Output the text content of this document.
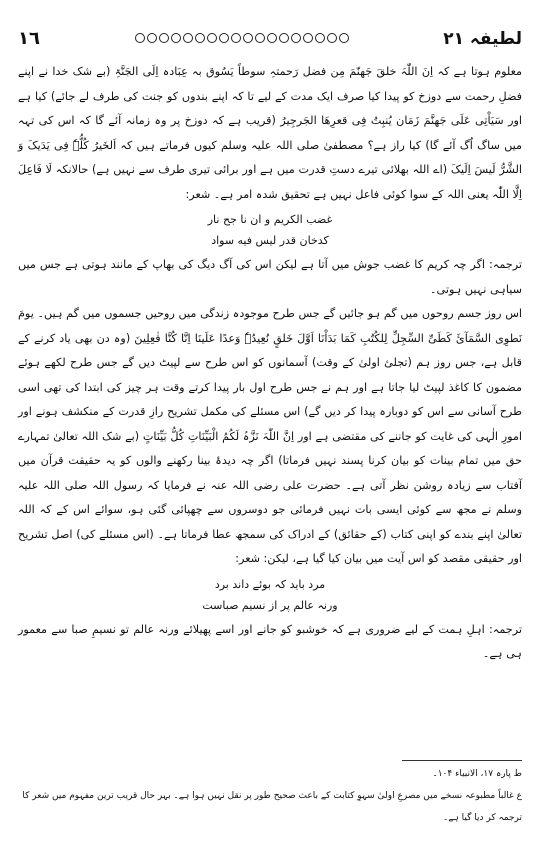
١٦	لطیفہ ۲١

معلوم ہوتا ہے کہ اِنَ اللّٰہَ خلقَ جَھنّمَ مِن فضل رَحمتہِ سوطاً یَسُوق بہ عِبَادہ اِلَی الجَنَّۃِ (بے شک خدا نے اپنے فضلِ رحمت سے دوزخ کو پیدا کیا صرف ایک مدت کے لیے تا کہ اپنے بندوں کو جنت کی طرف لے جائے) کیا ہے اور سَیَاْتِی عَلَی جَھنَّمَ زَمَان یُنبِتُ فِی قعرِھَا الجَرجِیرُ (قریب ہے کہ دوزخ پر وہ زمانہ آئے گا کہ اس کی تہہ میں ساگ اُگ آئے گا) کیا راز ہے؟ مصطفیٰ صلی اللہ علیہ وسلم کیوں فرماتے ہیں کہ اَلخَیرُ کُلُّہٗ فِی یَدَیکَ وَ الشَّرُّ لَیسَ اِلَیکَ (اے اللہ بھلائی تیرے دستِ قدرت میں ہے اور برائی تیری طرف سے نہیں ہے) حالانکہ لَا فَاعِلَ اِلَّا اللّٰہ یعنی اللہ کے سوا کوئی فاعل نہیں ہے تحقیق شدہ امر ہے۔ شعر:

غضب الکریم و ان نا جح نار
کدخان قدر لیس فیه سواد

ترجمہ: اگر چہ کریم کا غضب جوش میں آتا ہے لیکن اس کی آگ دیگ کی بھاپ کے مانند ہوتی ہے جس میں سیاہی نہیں ہوتی۔

اس روز جسم روحوں میں گم ہو جائیں گے جس طرح موجودہ زندگی میں روحیں جسموں میں گم ہیں۔ یومَ نَطوِی السَّمَآئَ کَطَیِّ السِّجِلِّ لِلکُتُبِ کَمَا بَدَاْنَا اَوَّلَ خَلقٍ نُعِیدُہٗ وَعدًا عَلَینَا اِنَّا کُنَّا فٰعِلِینَ (وہ دن بھی یاد کرنے کے قابل ہے، جس روز ہم (تجلیٔ اولیٰ کے وقت) آسمانوں کو اس طرح سے لپیٹ دیں گے جس طرح لکھے ہوئے مضمون کا کاغذ لپیٹ لیا جاتا ہے اور ہم نے جس طرح اول بار پیدا کرتے وقت ہر چیز کی ابتدا کی تھی اسی طرح آسانی سے اس کو دوبارہ پیدا کر دیں گے) اس مسئلے کی مکمل تشریح رازِ قدرت کے منکشف ہونے اور امورِ الٰہی کی غایت کو جاننے کی مقتضی ہے اور اِنَّ اللّٰہَ نَزَّہُ لَکُمُ الْبَیِّنَاتِ کُلُّ بَیِّنَاتٍ (بے شک اللہ تعالیٰ تمہارے حق میں تمام بینات کو بیان کرنا پسند نہیں فرماتا) اگر چہ دیدۂ بینا رکھنے والوں کو یہ حقیقت قرآن میں آفتاب سے زیادہ روشن نظر آتی ہے۔ حضرت علی رضی اللہ عنہ نے فرمایا کہ رسول اللہ صلی اللہ علیہ وسلم نے مجھ سے کوئی ایسی بات نہیں فرمائی جو دوسروں سے چھپائی گئی ہو، سوائے اس کے کہ اللہ تعالیٰ اپنے بندے کو اپنی کتاب (کے حقائق) کے ادراک کی سمجھ عطا فرماتا ہے۔ (اس مسئلے کی) اصل تشریح اور حقیقی مقصد کو اس آیت میں بیان کیا گیا ہے، لیکن: شعر:

مرد باید کہ بوئے داند برد
ورنہ عالم پر از نسیم صباست

ترجمہ: اہلِ ہمت کے لیے ضروری ہے کہ خوشبو کو جانے اور اسے پھیلائے ورنہ عالم تو نسیمِ صبا سے معمور ہی ہے۔

ط پارہ ۱۷، الانبیاء ۱۰۴۔

ع غالباً مطبوعہ نسخے میں مصرعِ اولیٰ سہوِ کتابت کے باعث صحیح طور پر نقل نہیں ہوا ہے۔ بہر حال قریب ترین مفہوم میں شعر کا ترجمہ کر دیا گیا ہے۔
